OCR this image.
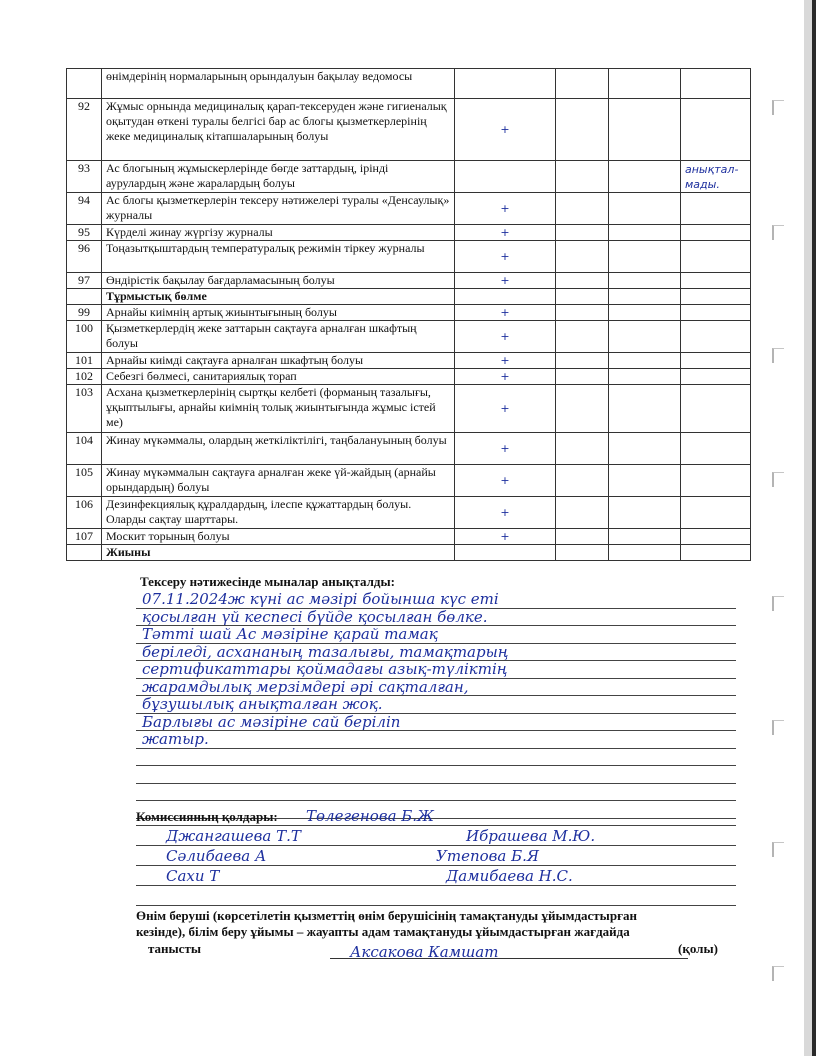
	өнімдерінің нормаларының орындалуын бақылау ведомосы				
92	Жұмыс орнында медициналық қарап-тексеруден және гигиеналық оқытудан өткені туралы белгісі бар ас блогы қызметкерлерінің жеке медициналық кітапшаларының болуы	+			
93	Ас блогының жұмыскерлерінде бөгде заттардың, ірінді аурулардың және жаралардың болуы				анықтал-мады.
94	Ас блогы қызметкерлерін тексеру нәтижелері туралы «Денсаулық» журналы	+			
95	Күрделі жинау жүргізу журналы	+			
96	Тоңазытқыштардың температуралық режимін тіркеу журналы	+			
97	Өндірістік бақылау бағдарламасының болуы	+			
	Тұрмыстық бөлме				
99	Арнайы киімнің артық жиынтығының болуы	+			
100	Қызметкерлердің жеке заттарын сақтауға арналған шкафтың болуы	+			
101	Арнайы киімді сақтауға арналған шкафтың болуы	+			
102	Себезгі бөлмесі, санитариялық торап	+			
103	Асхана қызметкерлерінің сыртқы келбеті (форманың тазалығы, ұқыптылығы, арнайы киімнің толық жиынтығында жұмыс істей ме)	+			
104	Жинау мүкәммалы, олардың жеткіліктілігі, таңбалануының болуы	+			
105	Жинау мүкәммалын сақтауға арналған жеке үй-жайдың (арнайы орындардың) болуы	+			
106	Дезинфекциялық құралдардың, ілеспе құжаттардың болуы. Оларды сақтау шарттары.	+			
107	Москит торының болуы	+			
	Жиыны				
Тексеру нәтижесінде мыналар анықталды:
07.11.2024ж күні ас мәзірі бойынша күс еті
қосылған үй кеспесі бүйде қосылған бөлке.
Тәтті шай Ас мәзіріне қарай тамақ
беріледі, асхананың тазалығы, тамақтарың
сертификаттары қоймадағы азық-түліктің
жарамдылық мерзімдері әрі сақталған,
бұзушылық анықталған жоқ.
Барлығы ас мәзіріне сай беріліп
жатыр.
Комиссияның қолдары: Төлегенова Б.Ж
Джангашева Т.Т	Ибрашева М.Ю.
Сәлибаева А	Утепова Б.Я
Сахи Т	Дамибаева Н.С.
Өнім беруші (көрсетілетін қызметтің өнім берушісінің тамақтануды ұйымдастырған
кезінде), білім беру ұйымы – жауапты адам тамақтануды ұйымдастырған жағдайда
танысты	Аксакова Камшат	(қолы)
